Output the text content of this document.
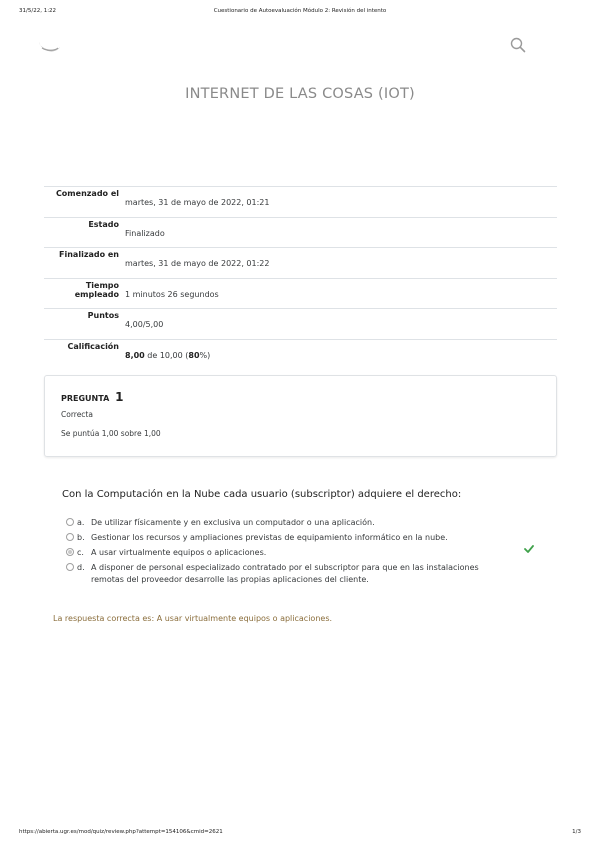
31/5/22, 1:22	Cuestionario de Autoevaluación Módulo 2: Revisión del intento
INTERNET DE LAS COSAS (IOT)
Comenzado el
martes, 31 de mayo de 2022, 01:21
Estado
Finalizado
Finalizado en
martes, 31 de mayo de 2022, 01:22
Tiempo empleado 1 minutos 26 segundos
Puntos
4,00/5,00
Calificación
8,00 de 10,00 (80%)
PREGUNTA 1
Correcta
Se puntúa 1,00 sobre 1,00
Con la Computación en la Nube cada usuario (subscriptor) adquiere el derecho:
a. De utilizar físicamente y en exclusiva un computador o una aplicación.
b. Gestionar los recursos y ampliaciones previstas de equipamiento informático en la nube.
c. A usar virtualmente equipos o aplicaciones.
d. A disponer de personal especializado contratado por el subscriptor para que en las instalaciones remotas del proveedor desarrolle las propias aplicaciones del cliente.
La respuesta correcta es: A usar virtualmente equipos o aplicaciones.
https://abierta.ugr.es/mod/quiz/review.php?attempt=154106&cmid=2621	1/3
